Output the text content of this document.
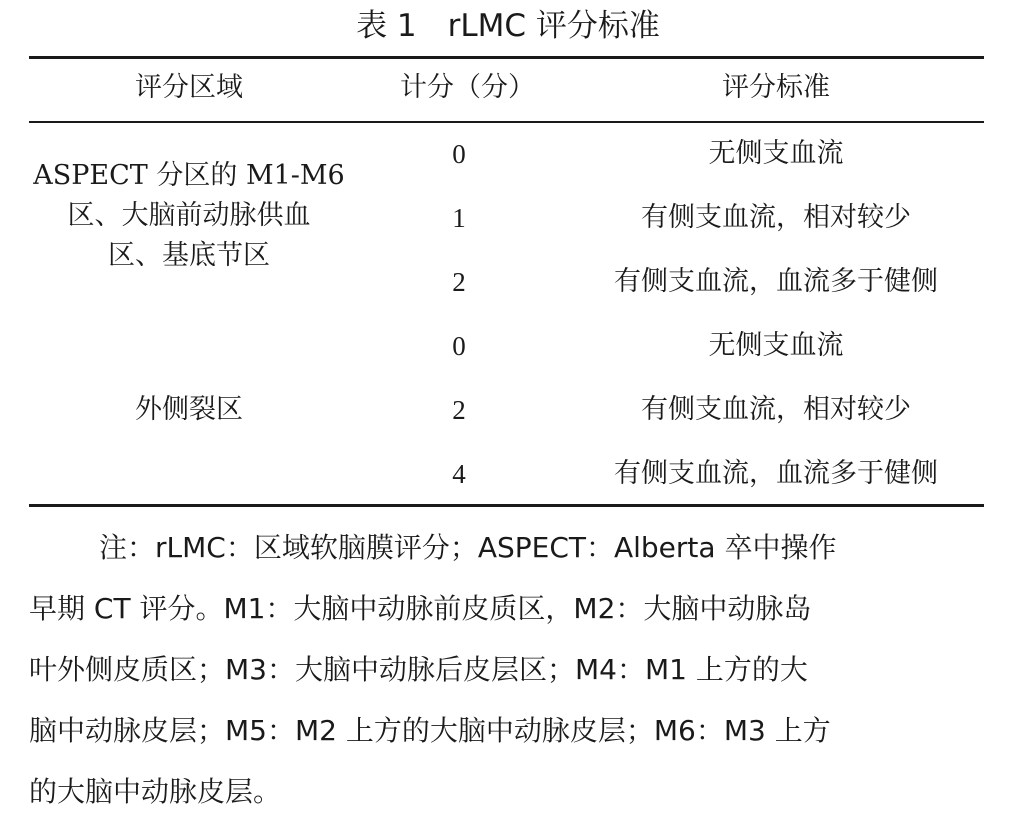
表 1　rLMC 评分标准
评分区域	计分（分）	评分标准
ASPECT 分区的 M1-M6
区、大脑前动脉供血
区、基底节区
0	无侧支血流
1	有侧支血流，相对较少
2	有侧支血流，血流多于健侧
外侧裂区
0	无侧支血流
2	有侧支血流，相对较少
4	有侧支血流，血流多于健侧
注：rLMC：区域软脑膜评分；ASPECT：Alberta 卒中操作
早期 CT 评分。M1：大脑中动脉前皮质区，M2：大脑中动脉岛
叶外侧皮质区；M3：大脑中动脉后皮层区；M4：M1 上方的大
脑中动脉皮层；M5：M2 上方的大脑中动脉皮层；M6：M3 上方
的大脑中动脉皮层。
